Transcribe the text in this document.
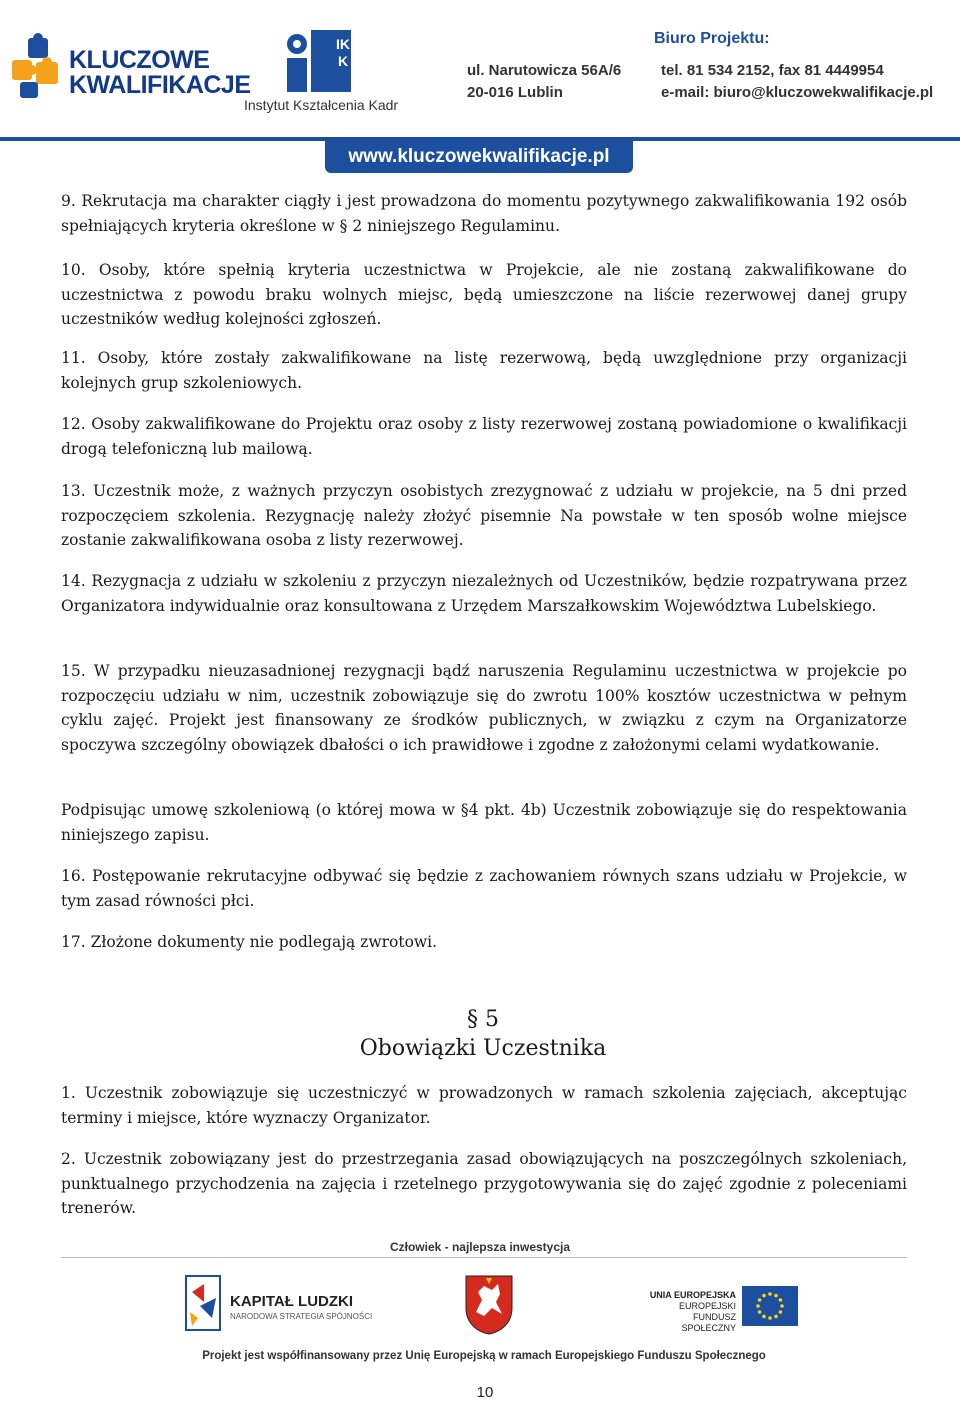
KLUCZOWE
KWALIFIKACJE
IKK
Instytut Kształcenia Kadr
Biuro Projektu:
ul. Narutowicza 56A/6
20-016 Lublin
tel. 81 534 2152, fax 81 4449954
e-mail: biuro@kluczowekwalifikacje.pl
www.kluczowekwalifikacje.pl
9. Rekrutacja ma charakter ciągły i jest prowadzona do momentu pozytywnego zakwalifikowania 192 osób spełniających kryteria określone w § 2 niniejszego Regulaminu.
10. Osoby, które spełnią kryteria uczestnictwa w Projekcie, ale nie zostaną zakwalifikowane do uczestnictwa z powodu braku wolnych miejsc, będą umieszczone na liście rezerwowej danej grupy uczestników według kolejności zgłoszeń.
11. Osoby, które zostały zakwalifikowane na listę rezerwową, będą uwzględnione przy organizacji kolejnych grup szkoleniowych.
12. Osoby zakwalifikowane do Projektu oraz osoby z listy rezerwowej zostaną powiadomione o kwalifikacji drogą telefoniczną lub mailową.
13. Uczestnik może, z ważnych przyczyn osobistych zrezygnować z udziału w projekcie, na 5 dni przed rozpoczęciem szkolenia. Rezygnację należy złożyć pisemnie Na powstałe w ten sposób wolne miejsce zostanie zakwalifikowana osoba z listy rezerwowej.
14. Rezygnacja z udziału w szkoleniu z przyczyn niezależnych od Uczestników, będzie rozpatrywana przez Organizatora indywidualnie oraz konsultowana z Urzędem Marszałkowskim Województwa Lubelskiego.
15. W przypadku nieuzasadnionej rezygnacji bądź naruszenia Regulaminu uczestnictwa w projekcie po rozpoczęciu udziału w nim, uczestnik zobowiązuje się do zwrotu 100% kosztów uczestnictwa w pełnym cyklu zajęć. Projekt jest finansowany ze środków publicznych, w związku z czym na Organizatorze spoczywa szczególny obowiązek dbałości o ich prawidłowe i zgodne z założonymi celami wydatkowanie.
Podpisując umowę szkoleniową (o której mowa w §4 pkt. 4b) Uczestnik zobowiązuje się do respektowania niniejszego zapisu.
16. Postępowanie rekrutacyjne odbywać się będzie z zachowaniem równych szans udziału w Projekcie, w tym zasad równości płci.
17. Złożone dokumenty nie podlegają zwrotowi.
§ 5
Obowiązki Uczestnika
1. Uczestnik zobowiązuje się uczestniczyć w prowadzonych w ramach szkolenia zajęciach, akceptując terminy i miejsce, które wyznaczy Organizator.
2. Uczestnik zobowiązany jest do przestrzegania zasad obowiązujących na poszczególnych szkoleniach, punktualnego przychodzenia na zajęcia i rzetelnego przygotowywania się do zajęć zgodnie z poleceniami trenerów.
Człowiek - najlepsza inwestycja
KAPITAŁ LUDZKI
NARODOWA STRATEGIA SPÓJNOŚCI
UNIA EUROPEJSKA
EUROPEJSKI
FUNDUSZ SPOŁECZNY
Projekt jest współfinansowany przez Unię Europejską w ramach Europejskiego Funduszu Społecznego
10
